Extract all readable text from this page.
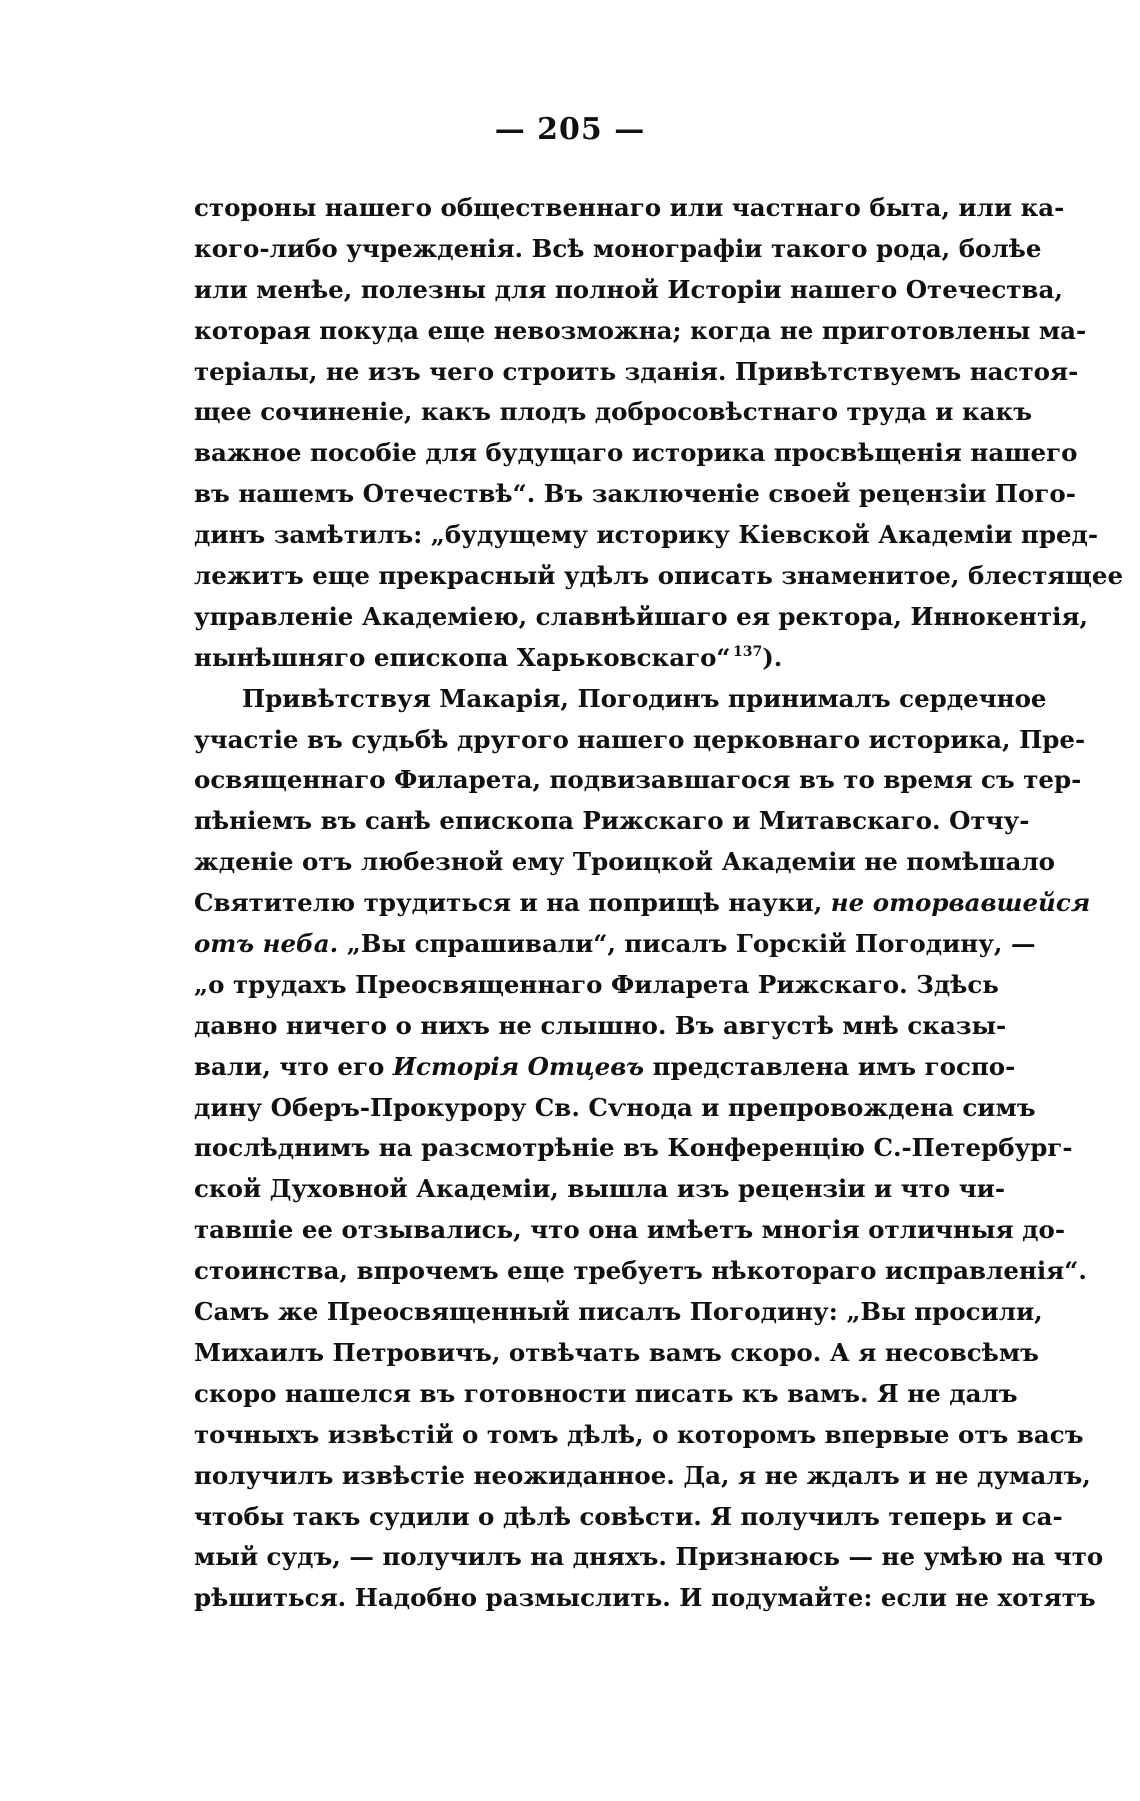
— 205 —
стороны нашего общественнаго или частнаго быта, или ка-
кого-либо учрежденія. Всѣ монографіи такого рода, болѣе
или менѣе, полезны для полной Исторіи нашего Отечества,
которая покуда еще невозможна; когда не приготовлены ма-
теріалы, не изъ чего строить зданія. Привѣтствуемъ настоя-
щее сочиненіе, какъ плодъ добросовѣстнаго труда и какъ
важное пособіе для будущаго историка просвѣщенія нашего
въ нашемъ Отечествѣ“. Въ заключеніе своей рецензіи Пого-
динъ замѣтилъ: „будущему историку Кіевской Академіи пред-
лежитъ еще прекрасный удѣлъ описать знаменитое, блестящее
управленіе Академіею, славнѣйшаго ея ректора, Иннокентія,
нынѣшняго епископа Харьковскаго“  $^{137}$).
Привѣтствуя Макарія, Погодинъ принималъ сердечное
участіе въ судьбѣ другого нашего церковнаго историка, Пре-
освященнаго Филарета, подвизавшагося въ то время съ тер-
пѣніемъ въ санѣ епископа Рижскаго и Митавскаго. Отчу-
жденіе отъ любезной ему Троицкой Академіи не помѣшало
Святителю трудиться и на поприщѣ науки, не оторвавшейся
отъ неба. „Вы спрашивали“, писалъ Горскій Погодину, —
„о трудахъ Преосвященнаго Филарета Рижскаго. Здѣсь
давно ничего о нихъ не слышно. Въ августѣ мнѣ сказы-
вали, что его Исторія Отцевъ представлена имъ госпо-
дину Оберъ-Прокурору Св. Сѵнода и препровождена симъ
послѣднимъ на разсмотрѣніе въ Конференцію С.-Петербург-
ской Духовной Академіи, вышла изъ рецензіи и что чи-
тавшіе ее отзывались, что она имѣетъ многія отличныя до-
стоинства, впрочемъ еще требуетъ нѣкотораго исправленія“.
Самъ же Преосвященный писалъ Погодину: „Вы просили,
Михаилъ Петровичъ, отвѣчать вамъ скоро. А я несовсѣмъ
скоро нашелся въ готовности писать къ вамъ. Я не далъ
точныхъ извѣстій о томъ дѣлѣ, о которомъ впервые отъ васъ
получилъ извѣстіе неожиданное. Да, я не ждалъ и не думалъ,
чтобы такъ судили о дѣлѣ совѣсти. Я получилъ теперь и са-
мый судъ, — получилъ на дняхъ. Признаюсь — не умѣю на что
рѣшиться. Надобно размыслить. И подумайте: если не хотятъ
